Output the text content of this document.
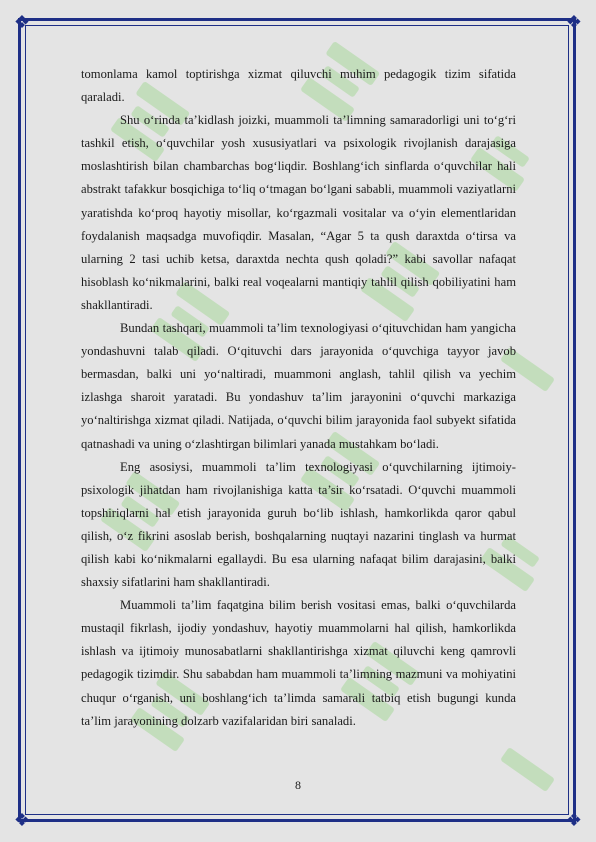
❖	❖
❖	❖

tomonlama kamol toptirishga xizmat qiluvchi muhim pedagogik tizim sifatida qaraladi.

Shu o‘rinda ta’kidlash joizki, muammoli ta’limning samaradorligi uni to‘g‘ri tashkil etish, o‘quvchilar yosh xususiyatlari va psixologik rivojlanish darajasiga moslashtirish bilan chambarchas bog‘liqdir. Boshlang‘ich sinflarda o‘quvchilar hali abstrakt tafakkur bosqichiga to‘liq o‘tmagan bo‘lgani sababli, muammoli vaziyatlarni yaratishda ko‘proq hayotiy misollar, ko‘rgazmali vositalar va o‘yin elementlaridan foydalanish maqsadga muvofiqdir. Masalan, “Agar 5 ta qush daraxtda o‘tirsa va ularning 2 tasi uchib ketsa, daraxtda nechta qush qoladi?” kabi savollar nafaqat hisoblash ko‘nikmalarini, balki real voqealarni mantiqiy tahlil qilish qobiliyatini ham shakllantiradi.

Bundan tashqari, muammoli ta’lim texnologiyasi o‘qituvchidan ham yangicha yondashuvni talab qiladi. O‘qituvchi dars jarayonida o‘quvchiga tayyor javob bermasdan, balki uni yo‘naltiradi, muammoni anglash, tahlil qilish va yechim izlashga sharoit yaratadi. Bu yondashuv ta’lim jarayonini o‘quvchi markaziga yo‘naltirishga xizmat qiladi. Natijada, o‘quvchi bilim jarayonida faol subyekt sifatida qatnashadi va uning o‘zlashtirgan bilimlari yanada mustahkam bo‘ladi.

Eng asosiysi, muammoli ta’lim texnologiyasi o‘quvchilarning ijtimoiy-psixologik jihatdan ham rivojlanishiga katta ta’sir ko‘rsatadi. O‘quvchi muammoli topshiriqlarni hal etish jarayonida guruh bo‘lib ishlash, hamkorlikda qaror qabul qilish, o‘z fikrini asoslab berish, boshqalarning nuqtayi nazarini tinglash va hurmat qilish kabi ko‘nikmalarni egallaydi. Bu esa ularning nafaqat bilim darajasini, balki shaxsiy sifatlarini ham shakllantiradi.

Muammoli ta’lim faqatgina bilim berish vositasi emas, balki o‘quvchilarda mustaqil fikrlash, ijodiy yondashuv, hayotiy muammolarni hal qilish, hamkorlikda ishlash va ijtimoiy munosabatlarni shakllantirishga xizmat qiluvchi keng qamrovli pedagogik tizimdir. Shu sababdan ham muammoli ta’limning mazmuni va mohiyatini chuqur o‘rganish, uni boshlang‘ich ta’limda samarali tatbiq etish bugungi kunda ta’lim jarayonining dolzarb vazifalaridan biri sanaladi.

8
